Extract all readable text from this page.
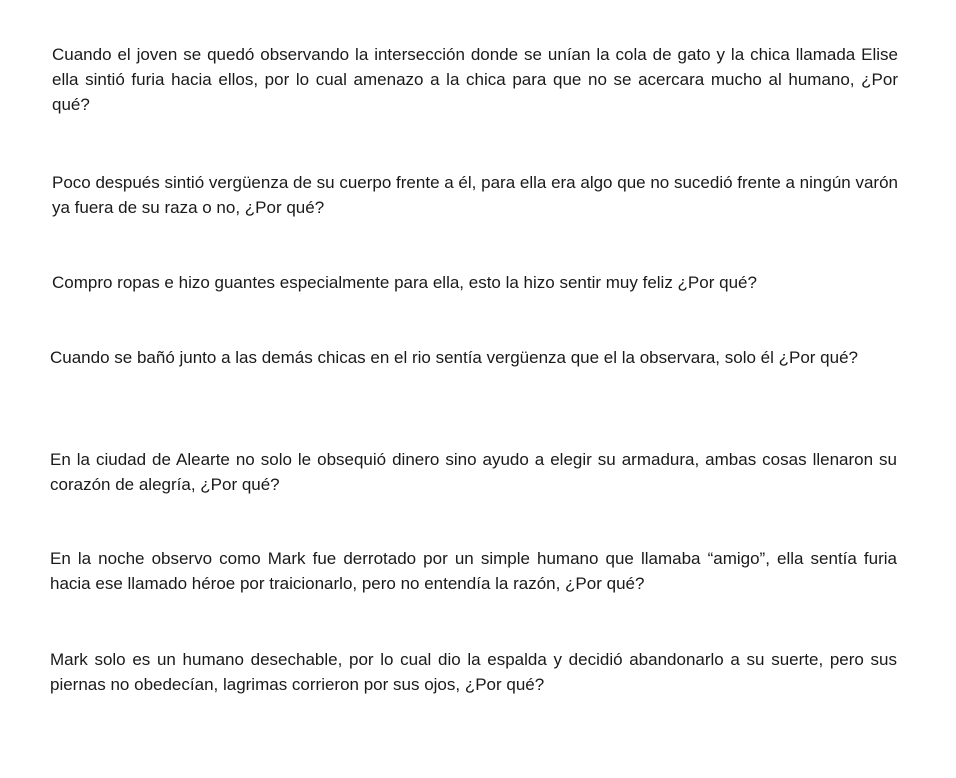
Cuando el joven se quedó observando la intersección donde se unían la cola de gato y la chica llamada Elise ella sintió furia hacia ellos, por lo cual amenazo a la chica para que no se acercara mucho al humano, ¿Por qué?

Poco después sintió vergüenza de su cuerpo frente a él, para ella era algo que no sucedió frente a ningún varón ya fuera de su raza o no, ¿Por qué?

Compro ropas e hizo guantes especialmente para ella, esto la hizo sentir muy feliz ¿Por qué?

Cuando se bañó junto a las demás chicas en el rio sentía vergüenza que el la observara, solo él ¿Por qué?

En la ciudad de Alearte no solo le obsequió dinero sino ayudo a elegir su armadura, ambas cosas llenaron su corazón de alegría, ¿Por qué?

En la noche observo como Mark fue derrotado por un simple humano que llamaba “amigo”, ella sentía furia hacia ese llamado héroe por traicionarlo, pero no entendía la razón, ¿Por qué?

Mark solo es un humano desechable, por lo cual dio la espalda y decidió abandonarlo a su suerte, pero sus piernas no obedecían, lagrimas corrieron por sus ojos, ¿Por qué?
